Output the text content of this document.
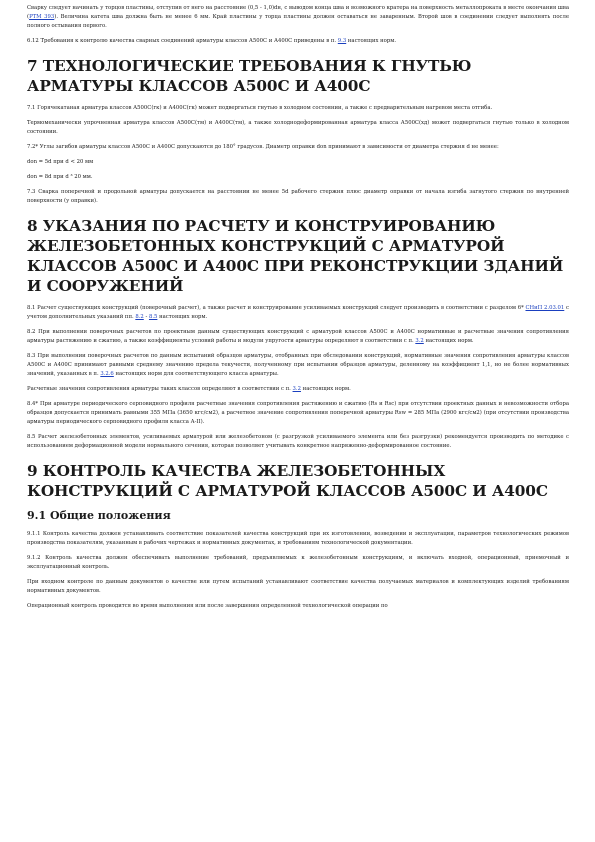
Сварку следует начинать у торцов пластины, отступив от него на расстояние (0,5 - 1,0)dн, с выводом конца шва и возможного кратера на поверхность металлопроката в месте окончания шва (РТМ 393). Величина катета шва должна быть не менее 6 мм. Край пластины у торца пластины должен оставаться не заваренным. Второй шов в соединении следует выполнять после полного остывания первого.

6.12 Требования к контролю качества сварных соединений арматуры классов А500С и А400С приведены в п. 9.3 настоящих норм.

7 ТЕХНОЛОГИЧЕСКИЕ ТРЕБОВАНИЯ К ГНУТЬЮ АРМАТУРЫ КЛАССОВ А500С И А400С

7.1 Горячекатаная арматура классов А500С(гк) и А400С(гк) может подвергаться гнутью в холодном состоянии, а также с предварительным нагревом места отгиба.

Термомеханически упрочненная арматура классов А500С(тм) и А400С(тм), а также холоднодеформированная арматура класса А500С(хд) может подвергаться гнутью только в холодном состоянии.

7.2* Углы загибов арматуры классов А500С и А400С допускаются до 180° градусов. Диаметр оправки don принимают в зависимости от диаметра стержня d не менее:

don = 5d при d < 20 мм

don = 8d при d ³ 20 мм.

7.3 Сварка поперечной и продольной арматуры допускается на расстоянии не менее 5d рабочего стержня плюс диаметр оправки от начала изгиба загнутого стержня по внутренней поверхности (у оправки).

8 УКАЗАНИЯ ПО РАСЧЕТУ И КОНСТРУИРОВАНИЮ ЖЕЛЕЗОБЕТОННЫХ КОНСТРУКЦИЙ С АРМАТУРОЙ КЛАССОВ А500С И А400С ПРИ РЕКОНСТРУКЦИИ ЗДАНИЙ И СООРУЖЕНИЙ

8.1 Расчет существующих конструкций (поверочный расчет), а также расчет и конструирование усиливаемых конструкций следует производить в соответствии с разделом 6* СНиП 2.03.01 с учетом дополнительных указаний пп. 8.2 - 8.5 настоящих норм.

8.2 При выполнении поверочных расчетов по проектным данным существующих конструкций с арматурой классов А500С и А400С нормативные и расчетные значения сопротивления арматуры растяжению и сжатию, а также коэффициенты условий работы и модули упругости арматуры определяют в соответствии с п. 3.2 настоящих норм.

8.3 При выполнении поверочных расчетов по данным испытаний образцов арматуры, отобранных при обследовании конструкций, нормативные значения сопротивления арматуры классов А500С и А400С принимают равными среднему значению предела текучести, полученному при испытании образцов арматуры, деленному на коэффициент 1,1, но не более нормативных значений, указанных в п. 3.2.6 настоящих норм для соответствующего класса арматуры.

Расчетные значения сопротивления арматуры таких классов определяют в соответствии с п. 3.2 настоящих норм.

8.4* При арматуре периодического серповидного профиля расчетные значения сопротивления растяжению и сжатию (Rs и Rsc) при отсутствии проектных данных и невозможности отбора образцов допускается принимать равными 355 МПа (3650 кгс/см2), а расчетное значение сопротивления поперечной арматуры Rsw = 285 МПа (2900 кгс/см2) (при отсутствии производства арматуры периодического серповидного профиля класса А-II).

8.5 Расчет железобетонных элементов, усиливаемых арматурой или железобетоном (с разгрузкой усиливаемого элемента или без разгрузки) рекомендуется производить по методике с использованием деформационной модели нормального сечения, которая позволяет учитывать конкретное напряженно-деформированное состояние.

9 КОНТРОЛЬ КАЧЕСТВА ЖЕЛЕЗОБЕТОННЫХ КОНСТРУКЦИЙ С АРМАТУРОЙ КЛАССОВ А500С И А400С
9.1 Общие положения

9.1.1 Контроль качества должен устанавливать соответствие показателей качества конструкций при их изготовлении, возведении и эксплуатации, параметров технологических режимов производства показателям, указанным в рабочих чертежах и нормативных документах, и требованиям технологической документации.

9.1.2 Контроль качества должен обеспечивать выполнение требований, предъявляемых к железобетонным конструкциям, и включать входной, операционный, приемочный и эксплуатационный контроль.

При входном контроле по данным документов о качестве или путем испытаний устанавливают соответствие качества получаемых материалов и комплектующих изделий требованиям нормативных документов.

Операционный контроль проводится во время выполнения или после завершения определенной технологической операции по
